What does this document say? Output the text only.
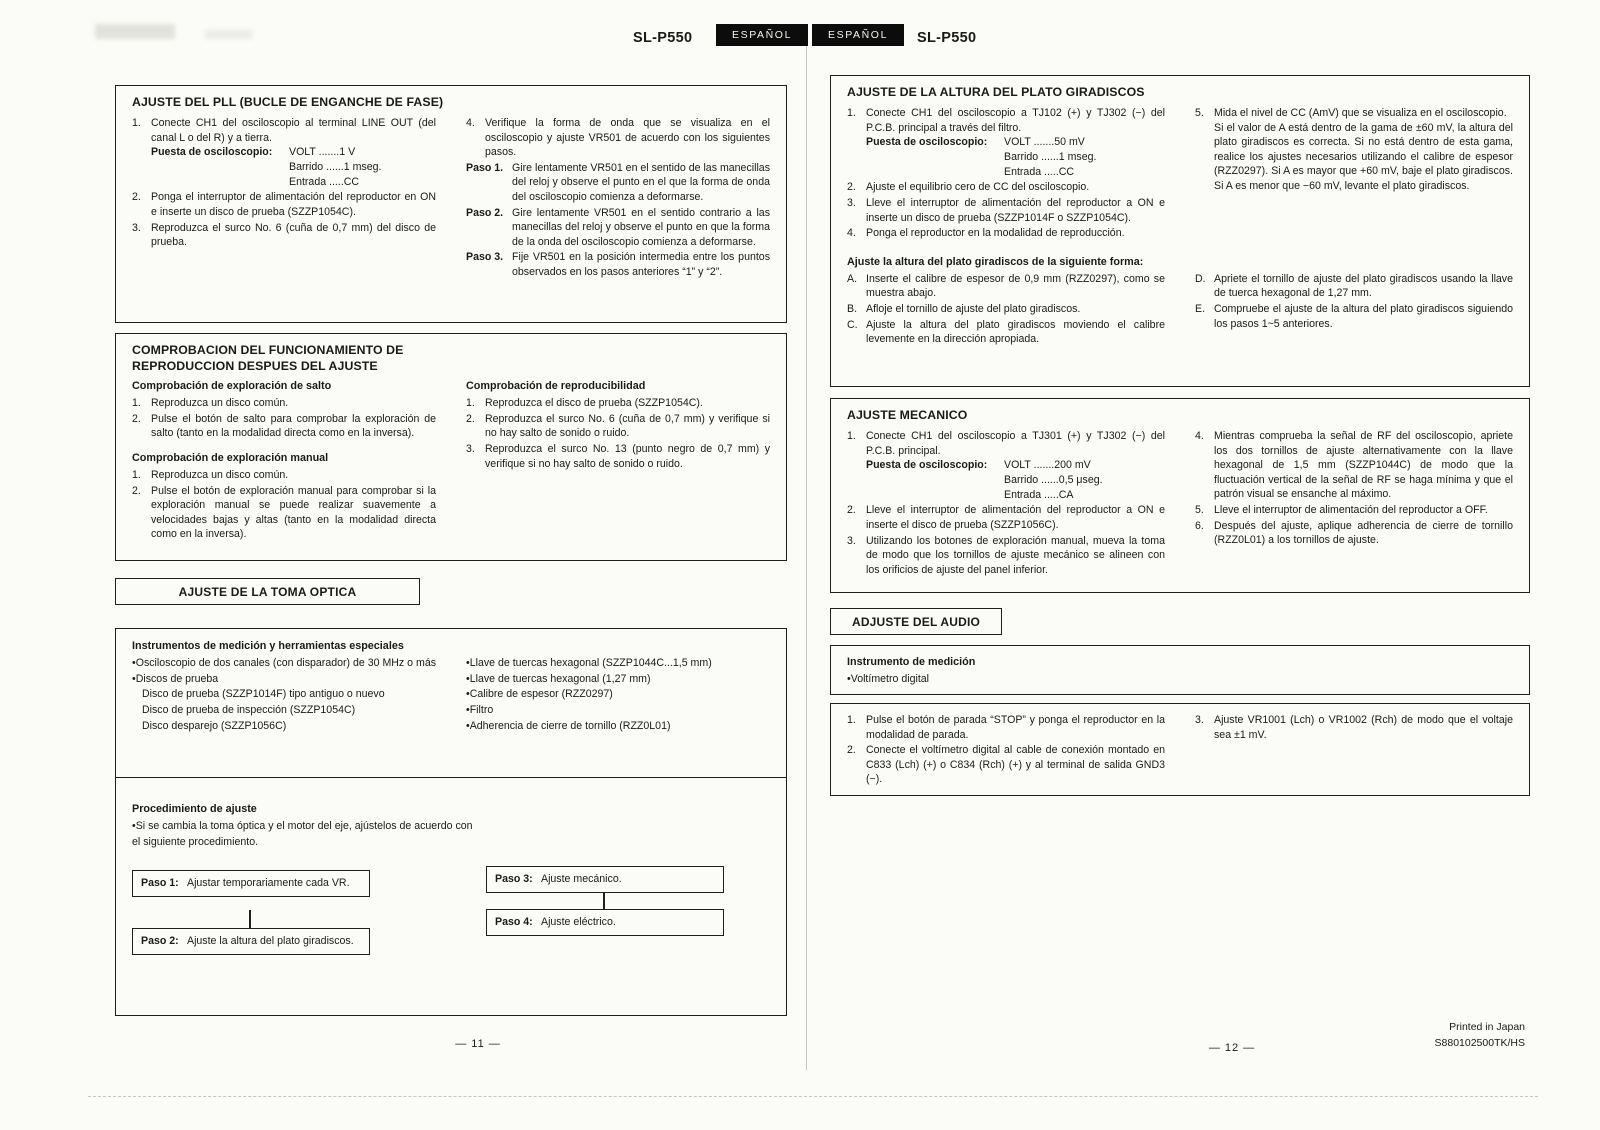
SL-P550	ESPAÑOL	ESPAÑOL	SL-P550
AJUSTE DEL PLL (BUCLE DE ENGANCHE DE FASE)
1. Conecte CH1 del osciloscopio al terminal LINE OUT (del canal L o del R) y a tierra.
Puesta de osciloscopio:	VOLT .......1 V
Barrido ......1 mseg.
Entrada .....CC
2. Ponga el interruptor de alimentación del reproductor en ON e inserte un disco de prueba (SZZP1054C).
3. Reproduzca el surco No. 6 (cuña de 0,7 mm) del disco de prueba.
4. Verifique la forma de onda que se visualiza en el osciloscopio y ajuste VR501 de acuerdo con los siguientes pasos.
Paso 1. Gire lentamente VR501 en el sentido de las manecillas del reloj y observe el punto en el que la forma de onda del osciloscopio comienza a deformarse.
Paso 2. Gire lentamente VR501 en el sentido contrario a las manecillas del reloj y observe el punto en que la forma de la onda del osciloscopio comienza a deformarse.
Paso 3. Fije VR501 en la posición intermedia entre los puntos observados en los pasos anteriores “1” y “2”.
COMPROBACION DEL FUNCIONAMIENTO DE REPRODUCCION DESPUES DEL AJUSTE
Comprobación de exploración de salto
1. Reproduzca un disco común.
2. Pulse el botón de salto para comprobar la exploración de salto (tanto en la modalidad directa como en la inversa).
Comprobación de exploración manual
1. Reproduzca un disco común.
2. Pulse el botón de exploración manual para comprobar si la exploración manual se puede realizar suavemente a velocidades bajas y altas (tanto en la modalidad directa como en la inversa).
Comprobación de reproducibilidad
1. Reproduzca el disco de prueba (SZZP1054C).
2. Reproduzca el surco No. 6 (cuña de 0,7 mm) y verifique si no hay salto de sonido o ruido.
3. Reproduzca el surco No. 13 (punto negro de 0,7 mm) y verifique si no hay salto de sonido o ruido.
AJUSTE DE LA TOMA OPTICA
Instrumentos de medición y herramientas especiales
•Osciloscopio de dos canales (con disparador) de 30 MHz o más
•Discos de prueba
Disco de prueba (SZZP1014F) tipo antiguo o nuevo
Disco de prueba de inspección (SZZP1054C)
Disco desparejo (SZZP1056C)
•Llave de tuercas hexagonal (SZZP1044C...1,5 mm)
•Llave de tuercas hexagonal (1,27 mm)
•Calibre de espesor (RZZ0297)
•Filtro
•Adherencia de cierre de tornillo (RZZ0L01)
Procedimiento de ajuste
•Si se cambia la toma óptica y el motor del eje, ajústelos de acuerdo con el siguiente procedimiento.
Paso 1: Ajustar temporariamente cada VR.
Paso 2: Ajuste la altura del plato giradiscos.
Paso 3: Ajuste mecánico.
Paso 4: Ajuste eléctrico.
— 11 —
AJUSTE DE LA ALTURA DEL PLATO GIRADISCOS
1. Conecte CH1 del osciloscopio a TJ102 (+) y TJ302 (−) del P.C.B. principal a través del filtro.
Puesta de osciloscopio:	VOLT .......50 mV
Barrido ......1 mseg.
Entrada .....CC
2. Ajuste el equilibrio cero de CC del osciloscopio.
3. Lleve el interruptor de alimentación del reproductor a ON e inserte un disco de prueba (SZZP1014F o SZZP1054C).
4. Ponga el reproductor en la modalidad de reproducción.
5. Mida el nivel de CC (AmV) que se visualiza en el osciloscopio.
Si el valor de A está dentro de la gama de ±60 mV, la altura del plato giradiscos es correcta. Si no está dentro de esta gama, realice los ajustes necesarios utilizando el calibre de espesor (RZZ0297). Si A es mayor que +60 mV, baje el plato giradiscos. Si A es menor que −60 mV, levante el plato giradiscos.
Ajuste la altura del plato giradiscos de la siguiente forma:
A. Inserte el calibre de espesor de 0,9 mm (RZZ0297), como se muestra abajo.
B. Afloje el tornillo de ajuste del plato giradiscos.
C. Ajuste la altura del plato giradiscos moviendo el calibre levemente en la dirección apropiada.
D. Apriete el tornillo de ajuste del plato giradiscos usando la llave de tuerca hexagonal de 1,27 mm.
E. Compruebe el ajuste de la altura del plato giradiscos siguiendo los pasos 1~5 anteriores.
AJUSTE MECANICO
1. Conecte CH1 del osciloscopio a TJ301 (+) y TJ302 (−) del P.C.B. principal.
Puesta de osciloscopio:	VOLT .......200 mV
Barrido ......0,5 μseg.
Entrada .....CA
2. Lleve el interruptor de alimentación del reproductor a ON e inserte el disco de prueba (SZZP1056C).
3. Utilizando los botones de exploración manual, mueva la toma de modo que los tornillos de ajuste mecánico se alineen con los orificios de ajuste del panel inferior.
4. Mientras comprueba la señal de RF del osciloscopio, apriete los dos tornillos de ajuste alternativamente con la llave hexagonal de 1,5 mm (SZZP1044C) de modo que la fluctuación vertical de la señal de RF se haga mínima y que el patrón visual se ensanche al máximo.
5. Lleve el interruptor de alimentación del reproductor a OFF.
6. Después del ajuste, aplique adherencia de cierre de tornillo (RZZ0L01) a los tornillos de ajuste.
ADJUSTE DEL AUDIO
Instrumento de medición
•Voltímetro digital
1. Pulse el botón de parada “STOP” y ponga el reproductor en la modalidad de parada.
2. Conecte el voltímetro digital al cable de conexión montado en C833 (Lch) (+) o C834 (Rch) (+) y al terminal de salida GND3 (−).
3. Ajuste VR1001 (Lch) o VR1002 (Rch) de modo que el voltaje sea ±1 mV.
Printed in Japan
S880102500TK/HS
— 12 —
